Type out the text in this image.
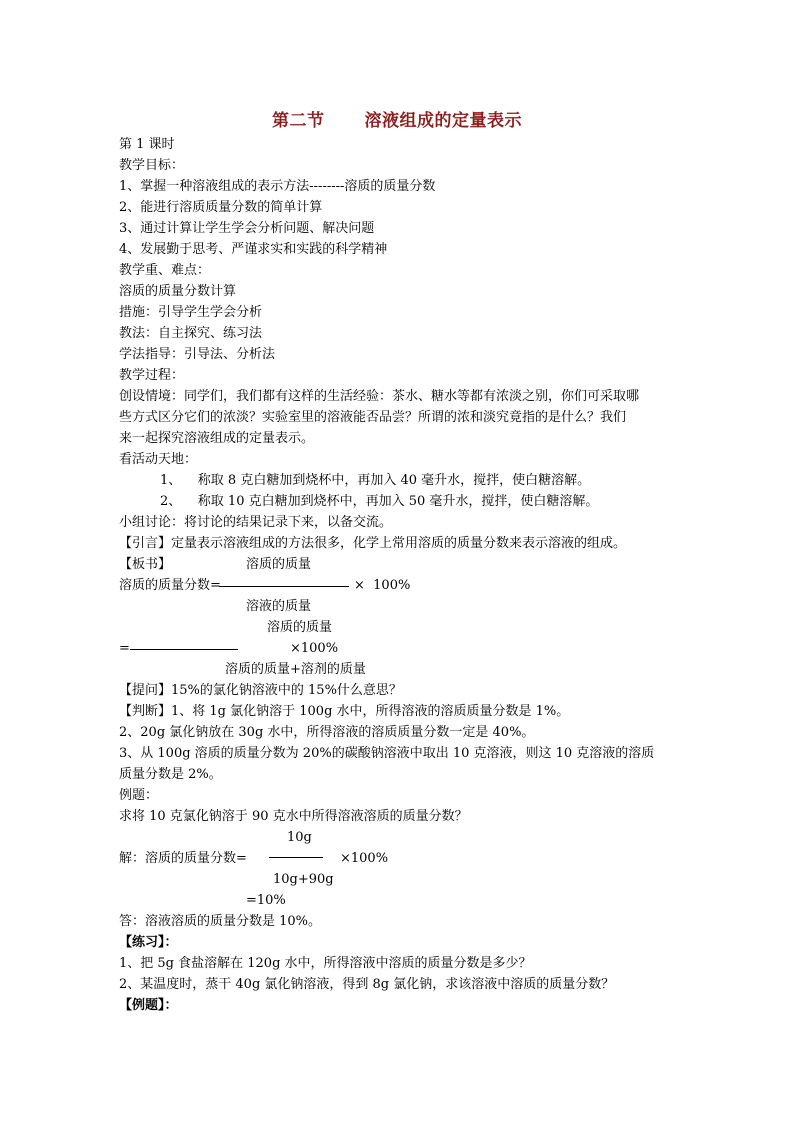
第二节 溶液组成的定量表示
第 1 课时
教学目标：
1、掌握一种溶液组成的表示方法--------溶质的质量分数
2、能进行溶质质量分数的简单计算
3、通过计算让学生学会分析问题、解决问题
4、发展勤于思考、严谨求实和实践的科学精神
教学重、难点：
溶质的质量分数计算
措施：引导学生学会分析
教法：自主探究、练习法
学法指导：引导法、分析法
教学过程：
创设情境：同学们，我们都有这样的生活经验：茶水、糖水等都有浓淡之别，你们可采取哪
些方式区分它们的浓淡？实验室里的溶液能否品尝？所谓的浓和淡究竟指的是什么？我们
来一起探究溶液组成的定量表示。
看活动天地：
1、    称取 8 克白糖加到烧杯中，再加入 40 毫升水，搅拌，使白糖溶解。
2、    称取 10 克白糖加到烧杯中，再加入 50 毫升水，搅拌，使白糖溶解。
小组讨论：将讨论的结果记录下来，以备交流。
【引言】定量表示溶液组成的方法很多，化学上常用溶质的质量分数来表示溶液的组成。
【板书】	溶质的质量
溶质的质量分数=	×  100%
溶液的质量
溶质的质量
=	×100%
溶质的质量+溶剂的质量
【提问】15%的氯化钠溶液中的 15%什么意思？
【判断】1、将 1g 氯化钠溶于 100g 水中，所得溶液的溶质质量分数是 1%。
2、20g 氯化钠放在 30g 水中，所得溶液的溶质质量分数一定是 40%。
3、从 100g 溶质的质量分数为 20%的碳酸钠溶液中取出 10 克溶液，则这 10 克溶液的溶质
质量分数是 2%。
例题：
求将 10 克氯化钠溶于 90 克水中所得溶液溶质的质量分数？
10g
解：溶质的质量分数=	×100%
10g+90g
=10%
答：溶液溶质的质量分数是 10%。
【练习】：
1、把 5g 食盐溶解在 120g 水中，所得溶液中溶质的质量分数是多少？
2、某温度时，蒸干 40g 氯化钠溶液，得到 8g 氯化钠，求该溶液中溶质的质量分数？
【例题】：
